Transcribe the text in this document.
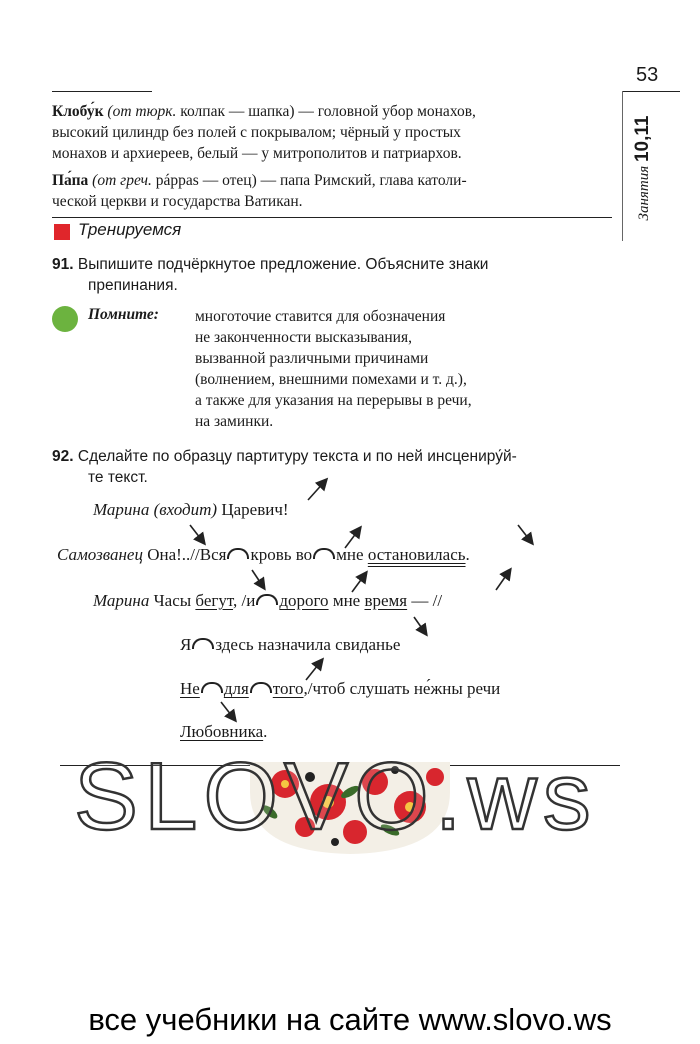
53
Занятия 10,11
Клобу́к (от тюрк. колпак — шапка) — головной убор монахов,
высокий цилиндр без полей с покрывалом; чёрный у простых
монахов и архиереев, белый — у митрополитов и патриархов.
Па́па (от греч. páppas — отец) — папа Римский, глава католи-
ческой церкви и государства Ватикан.
Тренируемся
91. Выпишите подчёркнутое предложение. Объясните знаки
препинания.
Помните: многоточие ставится для обозначения
не законченности высказывания,
вызванной различными причинами
(волнением, внешними помехами и т. д.),
а также для указания на перерывы в речи,
на заминки.
92. Сделайте по образцу партитуру текста и по ней инсцениру́й-
те текст.
Марина (входит) Царевич!
Самозванец Она!..//Вся кровь во мне остановилась.
Марина Часы бегут, /и дорого мне время — //
Я здесь назначила свиданье
Не для того,/чтоб слушать не́жны речи
Любовника.
SLOVO.ws
все учебники на сайте www.slovo.ws
